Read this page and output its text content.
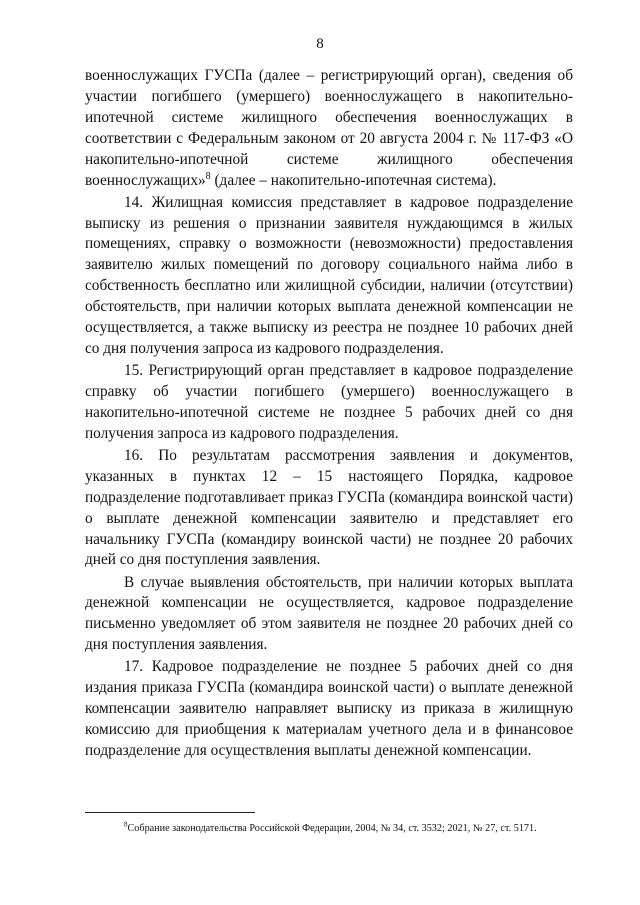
8

военнослужащих ГУСПа (далее – регистрирующий орган), сведения об участии погибшего (умершего) военнослужащего в накопительно-ипотечной системе жилищного обеспечения военнослужащих в соответствии с Федеральным законом от 20 августа 2004 г. № 117-ФЗ «О накопительно-ипотечной системе жилищного обеспечения военнослужащих»$^8$ (далее – накопительно-ипотечная система).

14. Жилищная комиссия представляет в кадровое подразделение выписку из решения о признании заявителя нуждающимся в жилых помещениях, справку о возможности (невозможности) предоставления заявителю жилых помещений по договору социального найма либо в собственность бесплатно или жилищной субсидии, наличии (отсутствии) обстоятельств, при наличии которых выплата денежной компенсации не осуществляется, а также выписку из реестра не позднее 10 рабочих дней со дня получения запроса из кадрового подразделения.

15. Регистрирующий орган представляет в кадровое подразделение справку об участии погибшего (умершего) военнослужащего в накопительно-ипотечной системе не позднее 5 рабочих дней со дня получения запроса из кадрового подразделения.

16. По результатам рассмотрения заявления и документов, указанных в пунктах 12 – 15 настоящего Порядка, кадровое подразделение подготавливает приказ ГУСПа (командира воинской части) о выплате денежной компенсации заявителю и представляет его начальнику ГУСПа (командиру воинской части) не позднее 20 рабочих дней со дня поступления заявления.

В случае выявления обстоятельств, при наличии которых выплата денежной компенсации не осуществляется, кадровое подразделение письменно уведомляет об этом заявителя не позднее 20 рабочих дней со дня поступления заявления.

17. Кадровое подразделение не позднее 5 рабочих дней со дня издания приказа ГУСПа (командира воинской части) о выплате денежной компенсации заявителю направляет выписку из приказа в жилищную комиссию для приобщения к материалам учетного дела и в финансовое подразделение для осуществления выплаты денежной компенсации.

$^8$Собрание законодательства Российской Федерации, 2004, № 34, ст. 3532; 2021, № 27, ст. 5171.
